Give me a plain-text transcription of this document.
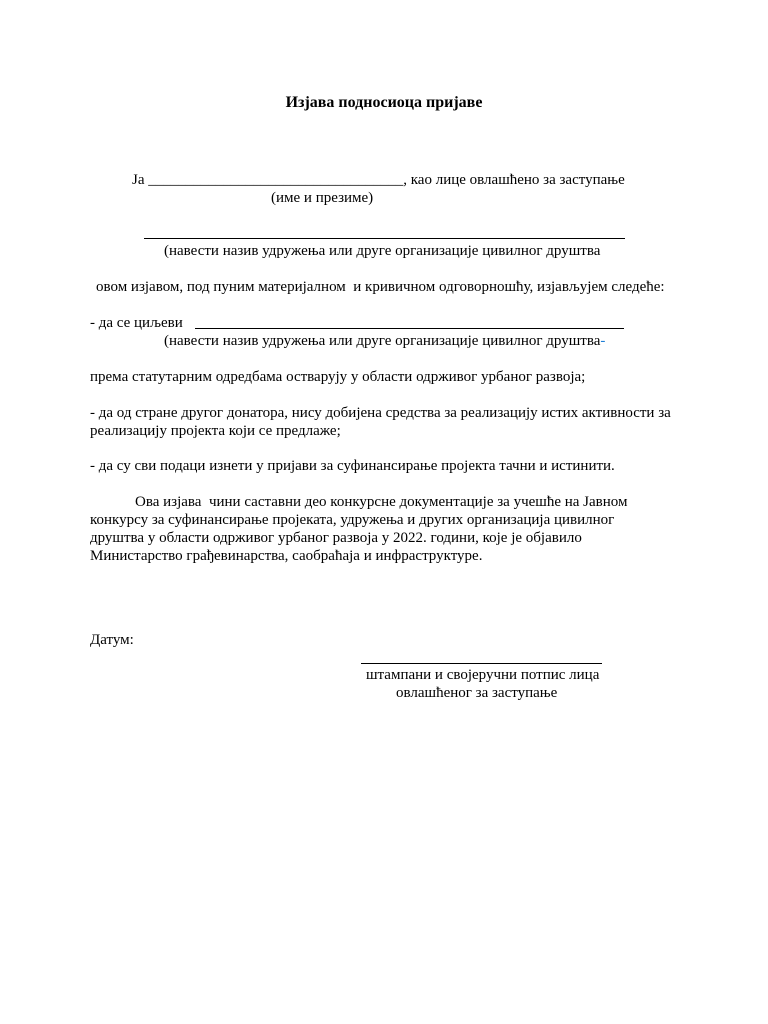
Изјава подносиоца пријаве
Ја __________________________________, као лице овлашћено за заступање
(име и презиме)
(навести назив удружења или друге организације цивилног друштва
овом изјавом, под пуним материјалном  и кривичном одговорношћу, изјављујем следеће:
- да се циљеви
(навести назив удружења или друге организације цивилног друштва-
према статутарним одредбама остварују у области одрживог урбаног развоја;
- да од стране другог донатора, нису добијена средства за реализацију истих активности за
реализацију пројекта који се предлаже;
- да су сви подаци изнети у пријави за суфинансирање пројекта тачни и истинити.
Ова изјава  чини саставни део конкурсне документације за учешће на Јавном
конкурсу за суфинансирање пројеката, удружења и других организација цивилног
друштва у области одрживог урбаног развоја у 2022. години, које је објавило
Министарство грађевинарства, саобраћаја и инфраструктуре.
Датум:
штампани и својеручни потпис лица
овлашћеног за заступање
